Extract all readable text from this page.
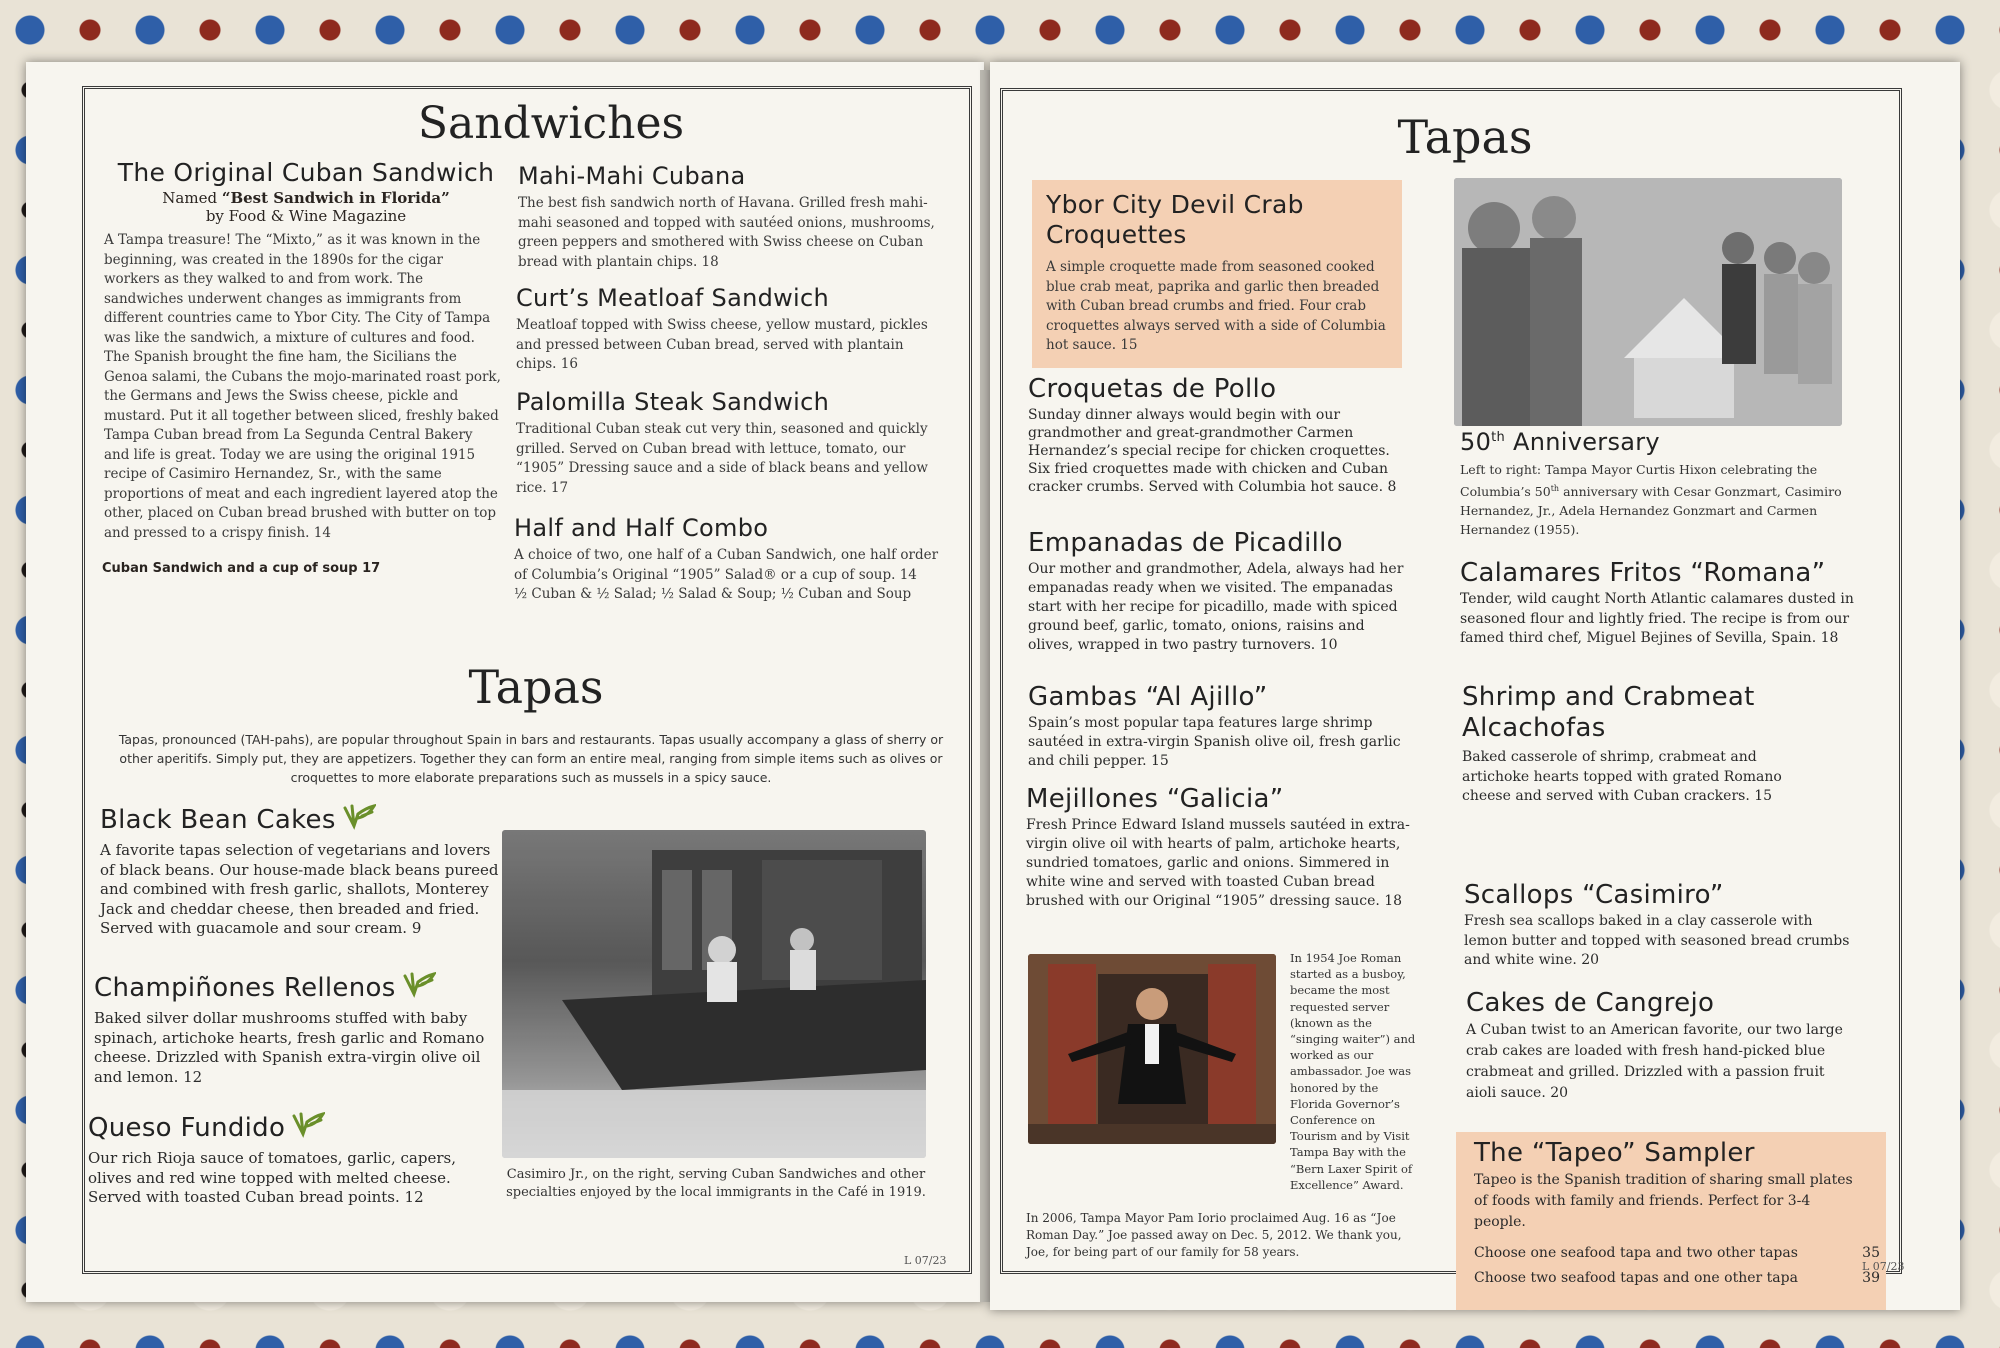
Sandwiches
The Original Cuban Sandwich

Named “Best Sandwich in Florida”

by Food & Wine Magazine

A Tampa treasure! The “Mixto,” as it was known in the beginning, was created in the 1890s for the cigar workers as they walked to and from work. The sandwiches underwent changes as immigrants from different countries came to Ybor City. The City of Tampa was like the sandwich, a mixture of cultures and food. The Spanish brought the fine ham, the Sicilians the Genoa salami, the Cubans the mojo-marinated roast pork, the Germans and Jews the Swiss cheese, pickle and mustard. Put it all together between sliced, freshly baked Tampa Cuban bread from La Segunda Central Bakery and life is great. Today we are using the original 1915 recipe of Casimiro Hernandez, Sr., with the same proportions of meat and each ingredient layered atop the other, placed on Cuban bread brushed with butter on top and pressed to a crispy finish. 14

Cuban Sandwich and a cup of soup 17

Mahi-Mahi Cubana

The best fish sandwich north of Havana. Grilled fresh mahi-mahi seasoned and topped with sautéed onions, mushrooms, green peppers and smothered with Swiss cheese on Cuban bread with plantain chips. 18

Curt’s Meatloaf Sandwich

Meatloaf topped with Swiss cheese, yellow mustard, pickles and pressed between Cuban bread, served with plantain chips. 16

Palomilla Steak Sandwich

Traditional Cuban steak cut very thin, seasoned and quickly grilled. Served on Cuban bread with lettuce, tomato, our “1905” Dressing sauce and a side of black beans and yellow rice. 17

Half and Half Combo

A choice of two, one half of a Cuban Sandwich, one half order of Columbia’s Original “1905” Salad® or a cup of soup. 14

½ Cuban & ½ Salad; ½ Salad & Soup; ½ Cuban and Soup

Tapas

Tapas, pronounced (TAH-pahs), are popular throughout Spain in bars and restaurants. Tapas usually accompany a glass of sherry or other aperitifs. Simply put, they are appetizers. Together they can form an entire meal, ranging from simple items such as olives or croquettes to more elaborate preparations such as mussels in a spicy sauce.

Black Bean Cakes

A favorite tapas selection of vegetarians and lovers of black beans. Our house-made black beans pureed and combined with fresh garlic, shallots, Monterey Jack and cheddar cheese, then breaded and fried. Served with guacamole and sour cream. 9

Champiñones Rellenos

Baked silver dollar mushrooms stuffed with baby spinach, artichoke hearts, fresh garlic and Romano cheese. Drizzled with Spanish extra-virgin olive oil and lemon. 12

Queso Fundido

Our rich Rioja sauce of tomatoes, garlic, capers, olives and red wine topped with melted cheese. Served with toasted Cuban bread points. 12

Casimiro Jr., on the right, serving Cuban Sandwiches and other specialties enjoyed by the local immigrants in the Café in 1919.

L 07/23
Tapas
Ybor City Devil Crab Croquettes

A simple croquette made from seasoned cooked blue crab meat, paprika and garlic then breaded with Cuban bread crumbs and fried. Four crab croquettes always served with a side of Columbia hot sauce. 15

Croquetas de Pollo

Sunday dinner always would begin with our grandmother and great-grandmother Carmen Hernandez’s special recipe for chicken croquettes. Six fried croquettes made with chicken and Cuban cracker crumbs. Served with Columbia hot sauce. 8

Empanadas de Picadillo

Our mother and grandmother, Adela, always had her empanadas ready when we visited. The empanadas start with her recipe for picadillo, made with spiced ground beef, garlic, tomato, onions, raisins and olives, wrapped in two pastry turnovers. 10

Gambas “Al Ajillo”

Spain’s most popular tapa features large shrimp sautéed in extra-virgin Spanish olive oil, fresh garlic and chili pepper. 15

Mejillones “Galicia”

Fresh Prince Edward Island mussels sautéed in extra-virgin olive oil with hearts of palm, artichoke hearts, sundried tomatoes, garlic and onions. Simmered in white wine and served with toasted Cuban bread brushed with our Original “1905” dressing sauce. 18

In 1954 Joe Roman started as a busboy, became the most requested server (known as the “singing waiter”) and worked as our ambassador. Joe was honored by the Florida Governor’s Conference on Tourism and by Visit Tampa Bay with the “Bern Laxer Spirit of Excellence” Award.

In 2006, Tampa Mayor Pam Iorio proclaimed Aug. 16 as “Joe Roman Day.” Joe passed away on Dec. 5, 2012. We thank you, Joe, for being part of our family for 58 years.

50th Anniversary

Left to right: Tampa Mayor Curtis Hixon celebrating the Columbia’s 50th anniversary with Cesar Gonzmart, Casimiro Hernandez, Jr., Adela Hernandez Gonzmart and Carmen Hernandez (1955).

Calamares Fritos “Romana”

Tender, wild caught North Atlantic calamares dusted in seasoned flour and lightly fried. The recipe is from our famed third chef, Miguel Bejines of Sevilla, Spain. 18

Shrimp and Crabmeat Alcachofas

Baked casserole of shrimp, crabmeat and artichoke hearts topped with grated Romano cheese and served with Cuban crackers. 15

Scallops “Casimiro”

Fresh sea scallops baked in a clay casserole with lemon butter and topped with seasoned bread crumbs and white wine. 20

Cakes de Cangrejo

A Cuban twist to an American favorite, our two large crab cakes are loaded with fresh hand-picked blue crabmeat and grilled. Drizzled with a passion fruit aioli sauce. 20

The “Tapeo” Sampler

Tapeo is the Spanish tradition of sharing small plates of foods with family and friends. Perfect for 3-4 people.

Choose one seafood tapa and two other tapas	35
Choose two seafood tapas and one other tapa	39
L 07/23
